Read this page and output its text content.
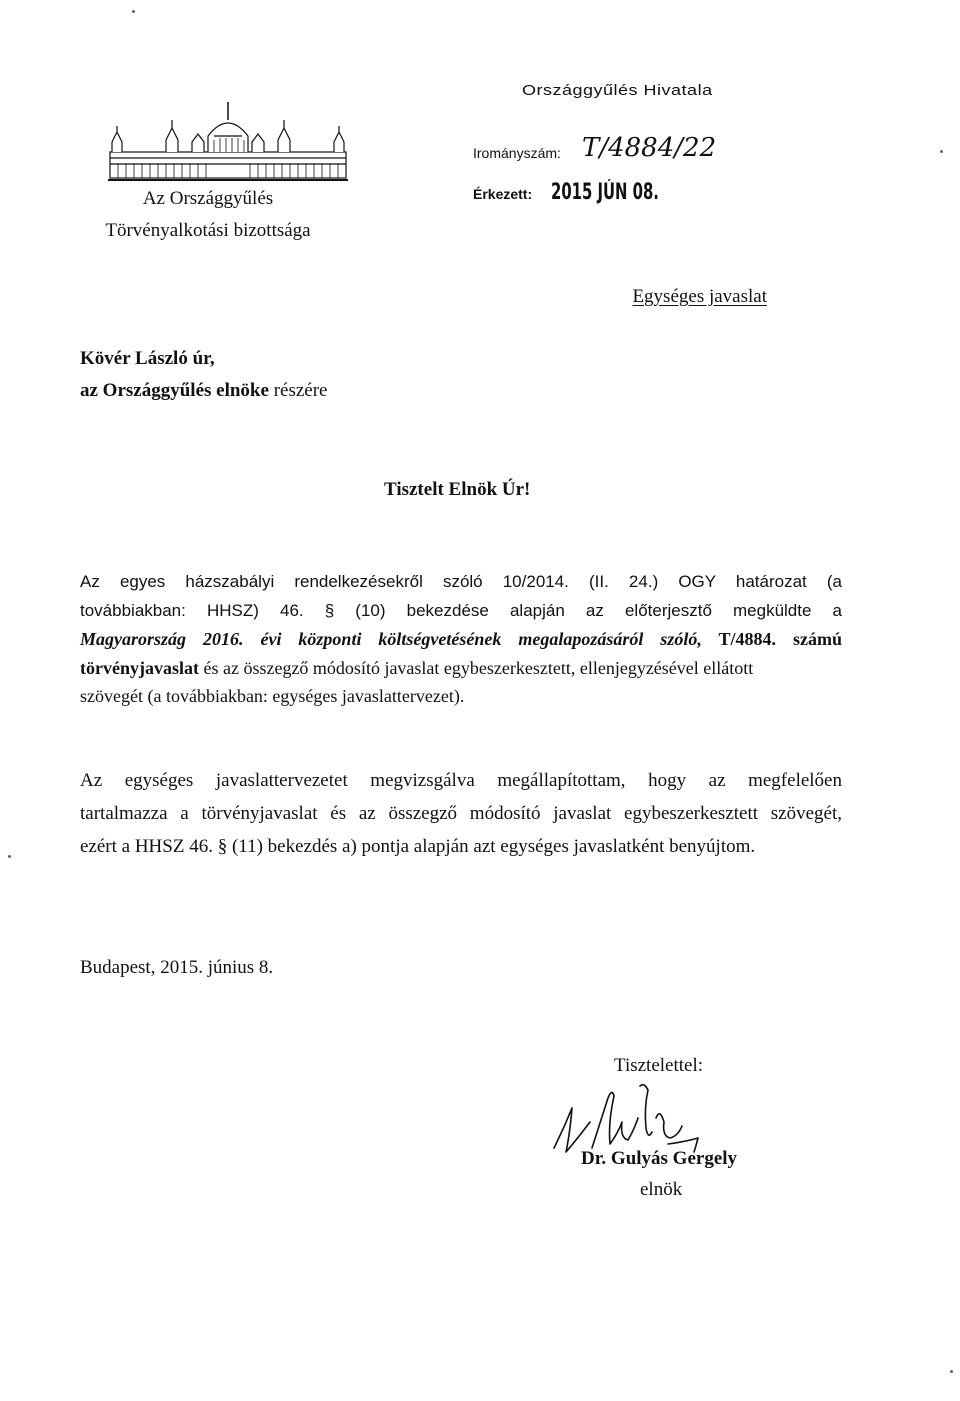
Az Országgyűlés
Törvényalkotási bizottsága
Országgyűlés Hivatala
Irományszám: T/4884/22
Érkezett: 2015 JÚN 08.
Egységes javaslat
Kövér László úr,
az Országgyűlés elnöke részére
Tisztelt Elnök Úr!
Az egyes házszabályi rendelkezésekről szóló 10/2014. (II. 24.) OGY határozat (a
továbbiakban: HHSZ) 46. § (10) bekezdése alapján az előterjesztő megküldte a
Magyarország 2016. évi központi költségvetésének megalapozásáról szóló, T/4884. számú
törvényjavaslat és az összegző módosító javaslat egybeszerkesztett, ellenjegyzésével ellátott
szövegét (a továbbiakban: egységes javaslattervezet).
Az egységes javaslattervezetet megvizsgálva megállapítottam, hogy az megfelelően
tartalmazza a törvényjavaslat és az összegző módosító javaslat egybeszerkesztett szövegét,
ezért a HHSZ 46. § (11) bekezdés a) pontja alapján azt egységes javaslatként benyújtom.
Budapest, 2015. június 8.
Tisztelettel:
Dr. Gulyás Gergely
elnök
